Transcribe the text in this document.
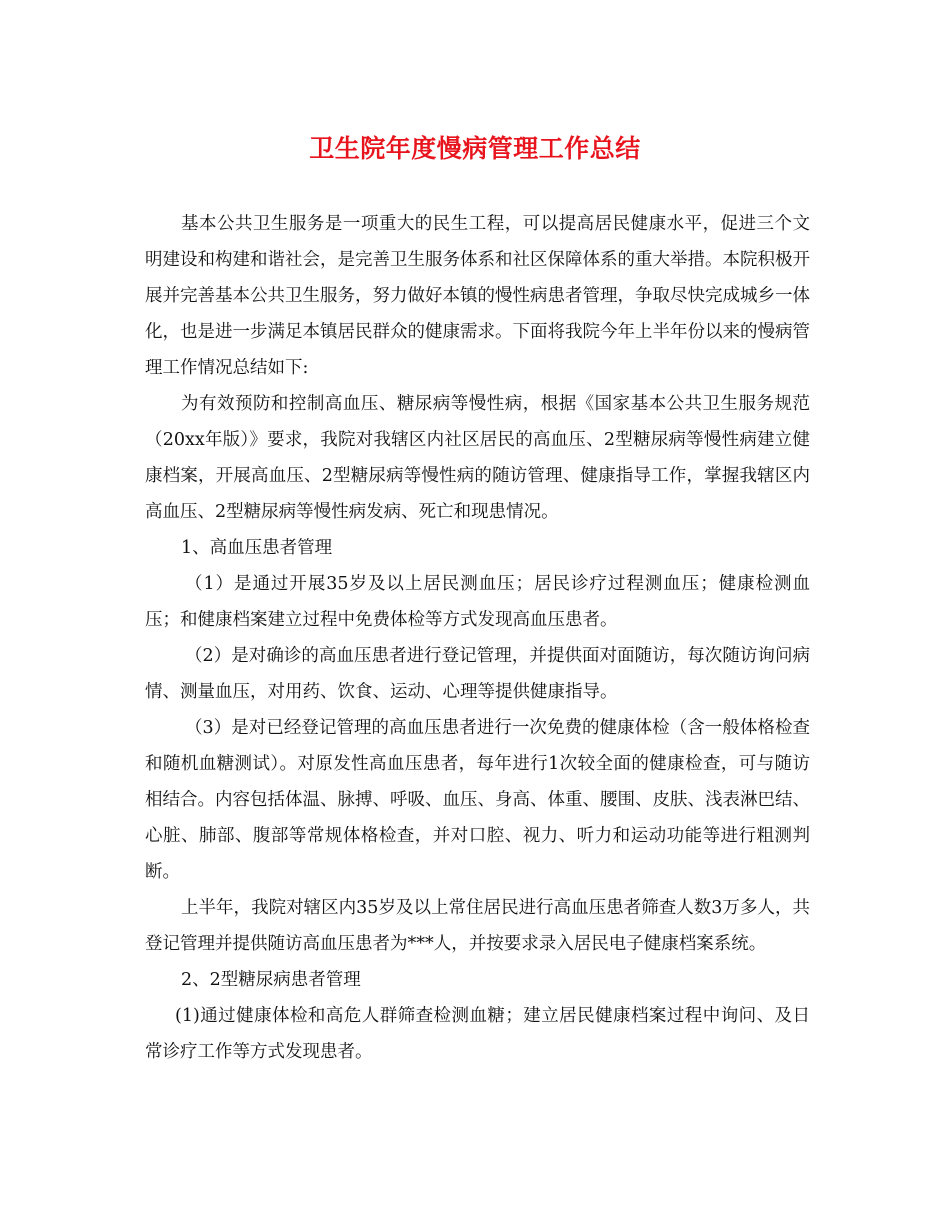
卫生院年度慢病管理工作总结

基本公共卫生服务是一项重大的民生工程，可以提高居民健康水平，促进三个文明建设和构建和谐社会，是完善卫生服务体系和社区保障体系的重大举措。本院积极开展并完善基本公共卫生服务，努力做好本镇的慢性病患者管理，争取尽快完成城乡一体化，也是进一步满足本镇居民群众的健康需求。下面将我院今年上半年份以来的慢病管理工作情况总结如下:

为有效预防和控制高血压、糖尿病等慢性病，根据《国家基本公共卫生服务规范（20xx年版）》要求，我院对我辖区内社区居民的高血压、2型糖尿病等慢性病建立健康档案，开展高血压、2型糖尿病等慢性病的随访管理、健康指导工作，掌握我辖区内高血压、2型糖尿病等慢性病发病、死亡和现患情况。

1、高血压患者管理

（1）是通过开展35岁及以上居民测血压；居民诊疗过程测血压；健康检测血压；和健康档案建立过程中免费体检等方式发现高血压患者。

（2）是对确诊的高血压患者进行登记管理，并提供面对面随访，每次随访询问病情、测量血压，对用药、饮食、运动、心理等提供健康指导。

（3）是对已经登记管理的高血压患者进行一次免费的健康体检（含一般体格检查和随机血糖测试）。对原发性高血压患者，每年进行1次较全面的健康检查，可与随访相结合。内容包括体温、脉搏、呼吸、血压、身高、体重、腰围、皮肤、浅表淋巴结、心脏、肺部、腹部等常规体格检查，并对口腔、视力、听力和运动功能等进行粗测判断。

上半年，我院对辖区内35岁及以上常住居民进行高血压患者筛查人数3万多人，共登记管理并提供随访高血压患者为***人，并按要求录入居民电子健康档案系统。

2、2型糖尿病患者管理

(1)通过健康体检和高危人群筛查检测血糖；建立居民健康档案过程中询问、及日常诊疗工作等方式发现患者。
